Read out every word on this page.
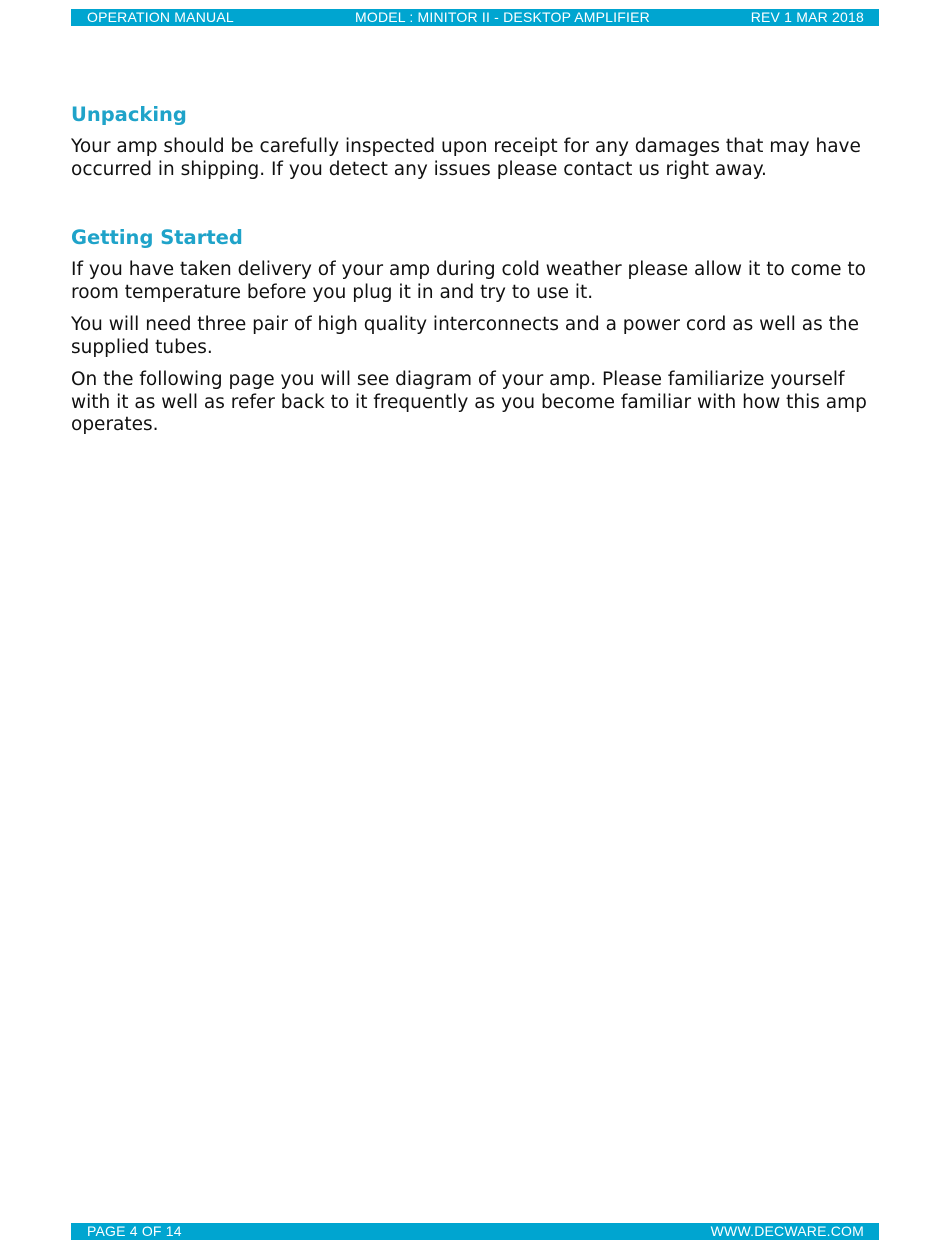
OPERATION MANUAL	MODEL : MINITOR II - DESKTOP AMPLIFIER	REV 1 MAR 2018
Unpacking

Your amp should be carefully inspected upon receipt for any damages that may have occurred in shipping. If you detect any issues please contact us right away.

Getting Started

If you have taken delivery of your amp during cold weather please allow it to come to room temperature before you plug it in and try to use it.

You will need three pair of high quality interconnects and a power cord as well as the supplied tubes.

On the following page you will see diagram of your amp. Please familiarize yourself with it as well as refer back to it frequently as you become familiar with how this amp operates.

PAGE 4 OF 14	WWW.DECWARE.COM
